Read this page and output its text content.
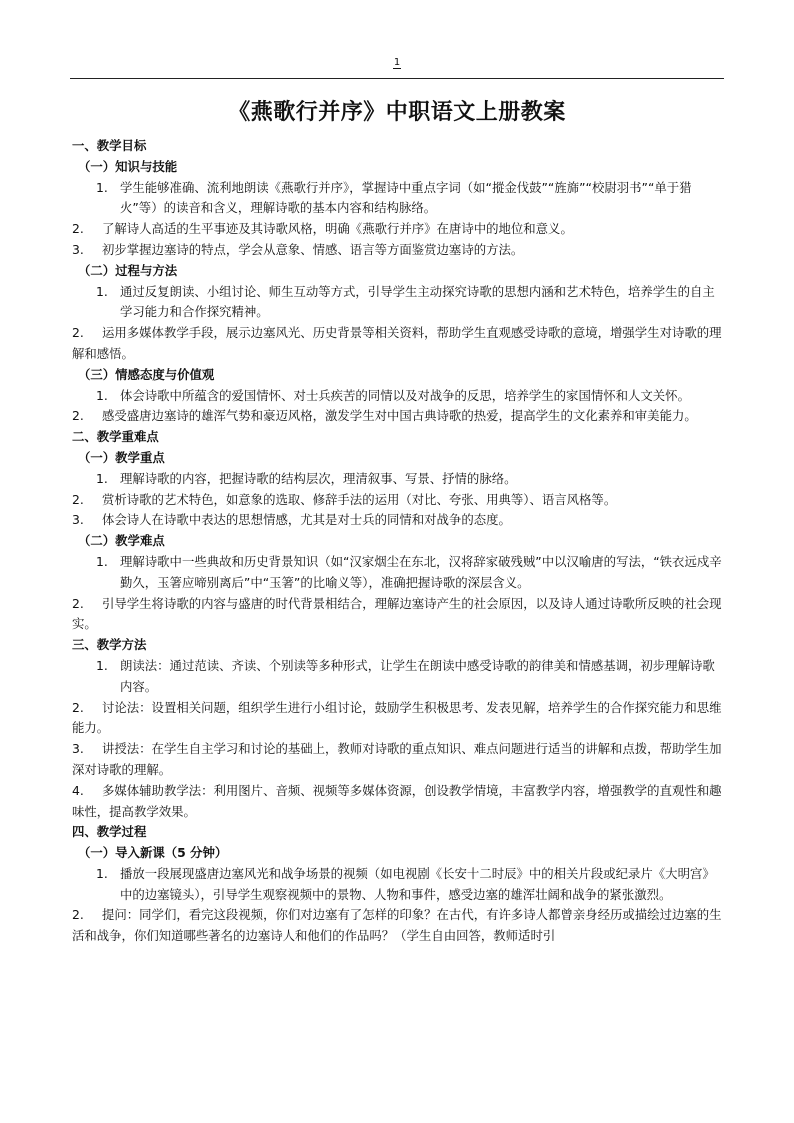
1
《燕歌行并序》中职语文上册教案
一、教学目标
（一）知识与技能
1. 学生能够准确、流利地朗读《燕歌行并序》，掌握诗中重点字词（如“摐金伐鼓”“旌旆”“校尉羽书”“单于猎火”等）的读音和含义，理解诗歌的基本内容和结构脉络。
2. 了解诗人高适的生平事迹及其诗歌风格，明确《燕歌行并序》在唐诗中的地位和意义。
3. 初步掌握边塞诗的特点，学会从意象、情感、语言等方面鉴赏边塞诗的方法。
（二）过程与方法
1. 通过反复朗读、小组讨论、师生互动等方式，引导学生主动探究诗歌的思想内涵和艺术特色，培养学生的自主学习能力和合作探究精神。
2. 运用多媒体教学手段，展示边塞风光、历史背景等相关资料，帮助学生直观感受诗歌的意境，增强学生对诗歌的理解和感悟。
（三）情感态度与价值观
1. 体会诗歌中所蕴含的爱国情怀、对士兵疾苦的同情以及对战争的反思，培养学生的家国情怀和人文关怀。
2. 感受盛唐边塞诗的雄浑气势和豪迈风格，激发学生对中国古典诗歌的热爱，提高学生的文化素养和审美能力。
二、教学重难点
（一）教学重点
1. 理解诗歌的内容，把握诗歌的结构层次，理清叙事、写景、抒情的脉络。
2. 赏析诗歌的艺术特色，如意象的选取、修辞手法的运用（对比、夸张、用典等）、语言风格等。
3. 体会诗人在诗歌中表达的思想情感，尤其是对士兵的同情和对战争的态度。
（二）教学难点
1. 理解诗歌中一些典故和历史背景知识（如“汉家烟尘在东北，汉将辞家破残贼”中以汉喻唐的写法，“铁衣远戍辛勤久，玉箸应啼别离后”中“玉箸”的比喻义等），准确把握诗歌的深层含义。
2. 引导学生将诗歌的内容与盛唐的时代背景相结合，理解边塞诗产生的社会原因，以及诗人通过诗歌所反映的社会现实。
三、教学方法
1. 朗读法：通过范读、齐读、个别读等多种形式，让学生在朗读中感受诗歌的韵律美和情感基调，初步理解诗歌内容。
2. 讨论法：设置相关问题，组织学生进行小组讨论，鼓励学生积极思考、发表见解，培养学生的合作探究能力和思维能力。
3. 讲授法：在学生自主学习和讨论的基础上，教师对诗歌的重点知识、难点问题进行适当的讲解和点拨，帮助学生加深对诗歌的理解。
4. 多媒体辅助教学法：利用图片、音频、视频等多媒体资源，创设教学情境，丰富教学内容，增强教学的直观性和趣味性，提高教学效果。
四、教学过程
（一）导入新课（5 分钟）
1. 播放一段展现盛唐边塞风光和战争场景的视频（如电视剧《长安十二时辰》中的相关片段或纪录片《大明宫》中的边塞镜头），引导学生观察视频中的景物、人物和事件，感受边塞的雄浑壮阔和战争的紧张激烈。
2. 提问：同学们，看完这段视频，你们对边塞有了怎样的印象？在古代，有许多诗人都曾亲身经历或描绘过边塞的生活和战争，你们知道哪些著名的边塞诗人和他们的作品吗？（学生自由回答，教师适时引
